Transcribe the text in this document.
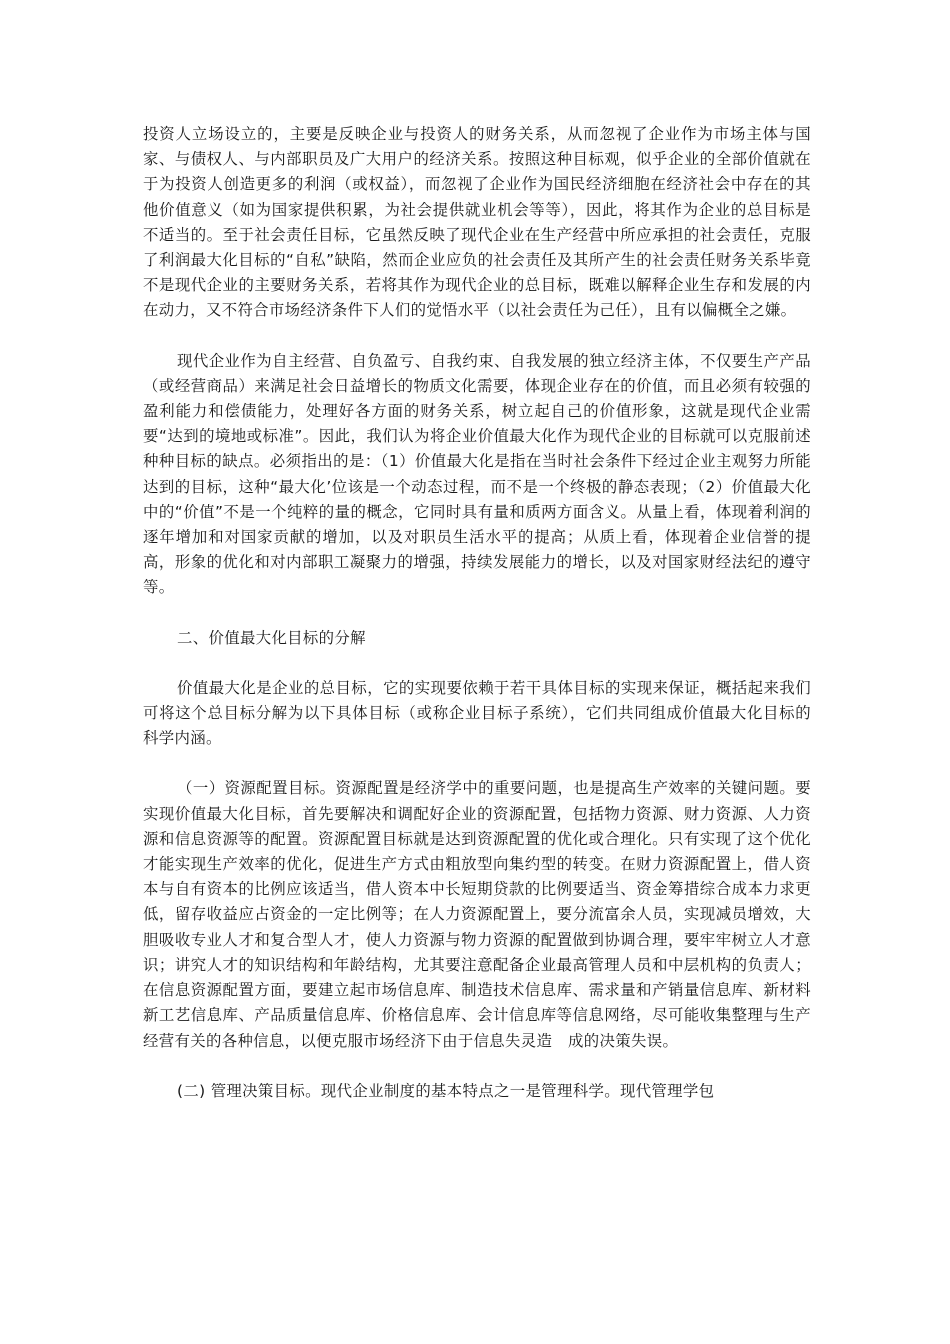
投资人立场设立的，主要是反映企业与投资人的财务关系，从而忽视了企业作为市场主体与国家、与债权人、与内部职员及广大用户的经济关系。按照这种目标观，似乎企业的全部价值就在于为投资人创造更多的利润（或权益），而忽视了企业作为国民经济细胞在经济社会中存在的其他价值意义（如为国家提供积累，为社会提供就业机会等等），因此，将其作为企业的总目标是不适当的。至于社会责任目标，它虽然反映了现代企业在生产经营中所应承担的社会责任，克服了利润最大化目标的“自私”缺陷，然而企业应负的社会责任及其所产生的社会责任财务关系毕竟不是现代企业的主要财务关系，若将其作为现代企业的总目标，既难以解释企业生存和发展的内在动力，又不符合市场经济条件下人们的觉悟水平（以社会责任为己任），且有以偏概全之嫌。

现代企业作为自主经营、自负盈亏、自我约束、自我发展的独立经济主体，不仅要生产产品（或经营商品）来满足社会日益增长的物质文化需要，体现企业存在的价值，而且必须有较强的盈利能力和偿债能力，处理好各方面的财务关系，树立起自己的价值形象，这就是现代企业需要“达到的境地或标准”。因此，我们认为将企业价值最大化作为现代企业的目标就可以克服前述种种目标的缺点。必须指出的是：（1）价值最大化是指在当时社会条件下经过企业主观努力所能达到的目标，这种“最大化’位该是一个动态过程，而不是一个终极的静态表现；（2）价值最大化中的“价值”不是一个纯粹的量的概念，它同时具有量和质两方面含义。从量上看，体现着利润的逐年增加和对国家贡献的增加，以及对职员生活水平的提高；从质上看，体现着企业信誉的提高，形象的优化和对内部职工凝聚力的增强，持续发展能力的增长，以及对国家财经法纪的遵守等。

二、价值最大化目标的分解

价值最大化是企业的总目标，它的实现要依赖于若干具体目标的实现来保证，概括起来我们可将这个总目标分解为以下具体目标（或称企业目标子系统），它们共同组成价值最大化目标的科学内涵。

（一）资源配置目标。资源配置是经济学中的重要问题，也是提高生产效率的关键问题。要实现价值最大化目标，首先要解决和调配好企业的资源配置，包括物力资源、财力资源、人力资源和信息资源等的配置。资源配置目标就是达到资源配置的优化或合理化。只有实现了这个优化才能实现生产效率的优化，促进生产方式由粗放型向集约型的转变。在财力资源配置上，借人资本与自有资本的比例应该适当，借人资本中长短期贷款的比例要适当、资金筹措综合成本力求更低，留存收益应占资金的一定比例等；在人力资源配置上，要分流富余人员，实现减员增效，大胆吸收专业人才和复合型人才，使人力资源与物力资源的配置做到协调合理，要牢牢树立人才意识；讲究人才的知识结构和年龄结构，尤其要注意配备企业最高管理人员和中层机构的负责人；在信息资源配置方面，要建立起市场信息库、制造技术信息库、需求量和产销量信息库、新材料新工艺信息库、产品质量信息库、价格信息库、会计信息库等信息网络，尽可能收集整理与生产经营有关的各种信息，以便克服市场经济下由于信息失灵造　成的决策失误。

(二) 管理决策目标。现代企业制度的基本特点之一是管理科学。现代管理学包
